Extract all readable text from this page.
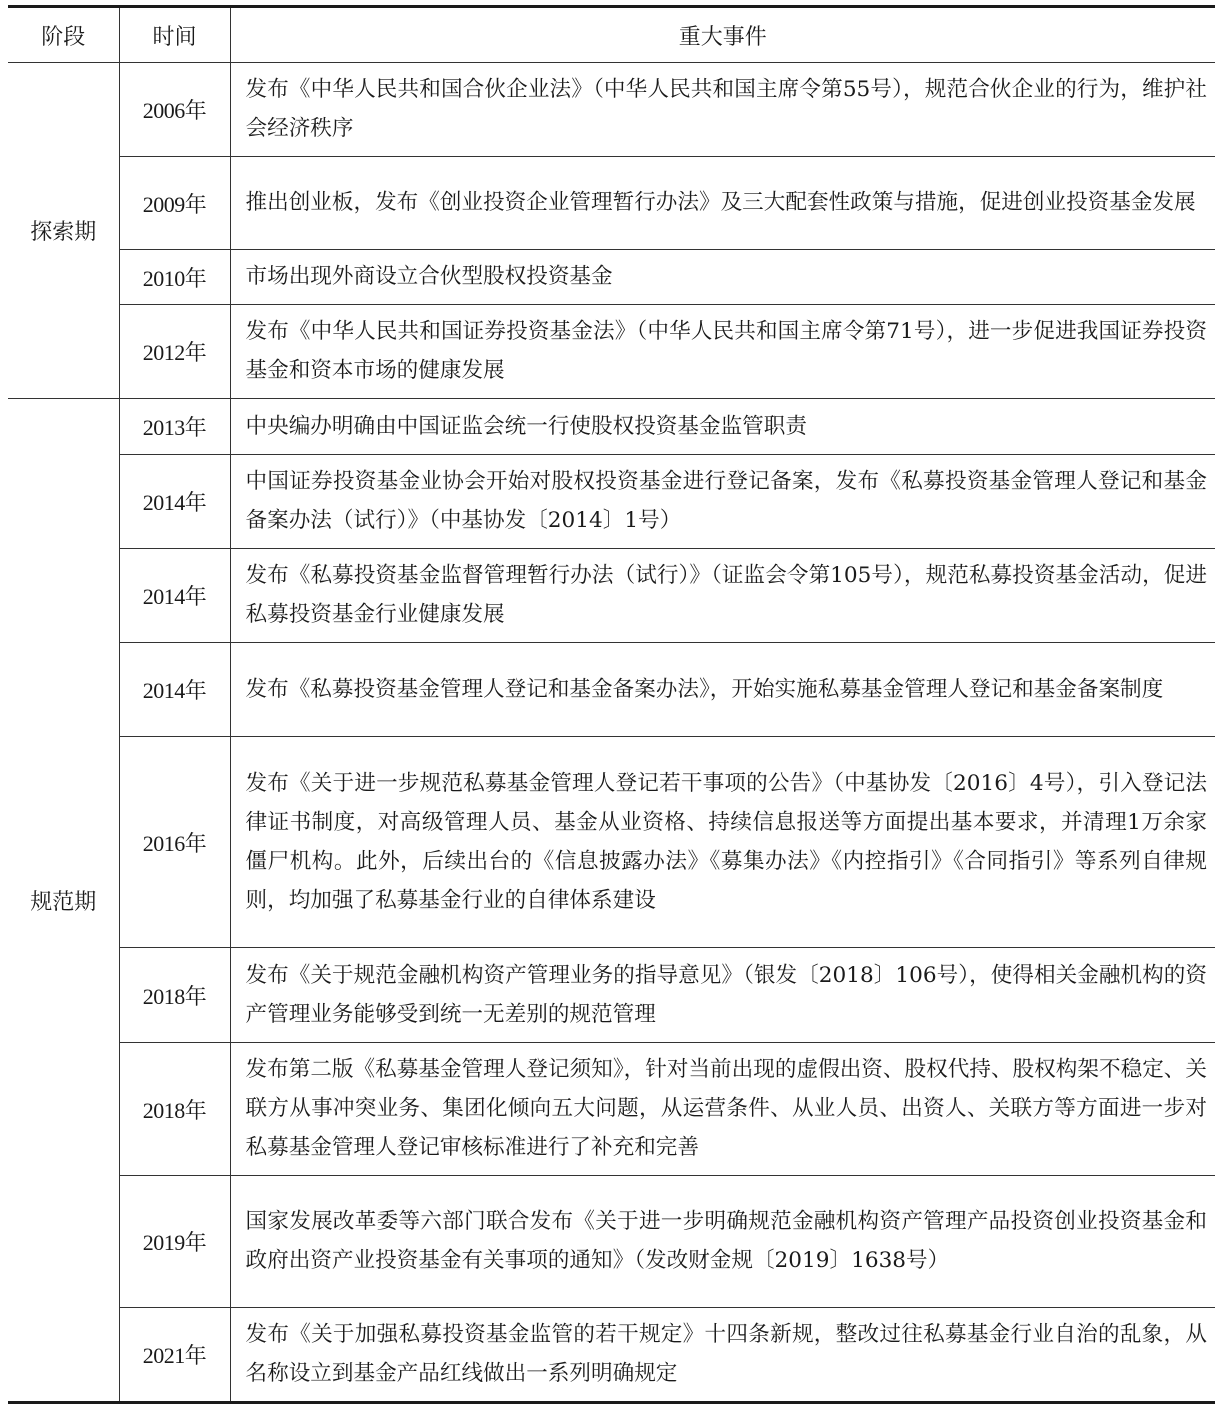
阶段	时间	重大事件
探索期	2006年	发布《中华人民共和国合伙企业法》（中华人民共和国主席令第55号），规范合伙企业的行为，维护社会经济秩序
	2009年	推出创业板，发布《创业投资企业管理暂行办法》及三大配套性政策与措施，促进创业投资基金发展
	2010年	市场出现外商设立合伙型股权投资基金
	2012年	发布《中华人民共和国证券投资基金法》（中华人民共和国主席令第71号），进一步促进我国证券投资基金和资本市场的健康发展
规范期	2013年	中央编办明确由中国证监会统一行使股权投资基金监管职责
	2014年	中国证券投资基金业协会开始对股权投资基金进行登记备案，发布《私募投资基金管理人登记和基金备案办法（试行）》（中基协发〔2014〕1号）
	2014年	发布《私募投资基金监督管理暂行办法（试行）》（证监会令第105号），规范私募投资基金活动，促进私募投资基金行业健康发展
	2014年	发布《私募投资基金管理人登记和基金备案办法》，开始实施私募基金管理人登记和基金备案制度
	2016年	发布《关于进一步规范私募基金管理人登记若干事项的公告》（中基协发〔2016〕4号），引入登记法律证书制度，对高级管理人员、基金从业资格、持续信息报送等方面提出基本要求，并清理1万余家僵尸机构。此外，后续出台的《信息披露办法》《募集办法》《内控指引》《合同指引》等系列自律规则，均加强了私募基金行业的自律体系建设
	2018年	发布《关于规范金融机构资产管理业务的指导意见》（银发〔2018〕106号），使得相关金融机构的资产管理业务能够受到统一无差别的规范管理
	2018年	发布第二版《私募基金管理人登记须知》，针对当前出现的虚假出资、股权代持、股权构架不稳定、关联方从事冲突业务、集团化倾向五大问题，从运营条件、从业人员、出资人、关联方等方面进一步对私募基金管理人登记审核标准进行了补充和完善
	2019年	国家发展改革委等六部门联合发布《关于进一步明确规范金融机构资产管理产品投资创业投资基金和政府出资产业投资基金有关事项的通知》（发改财金规〔2019〕1638号）
	2021年	发布《关于加强私募投资基金监管的若干规定》十四条新规，整改过往私募基金行业自治的乱象，从名称设立到基金产品红线做出一系列明确规定
